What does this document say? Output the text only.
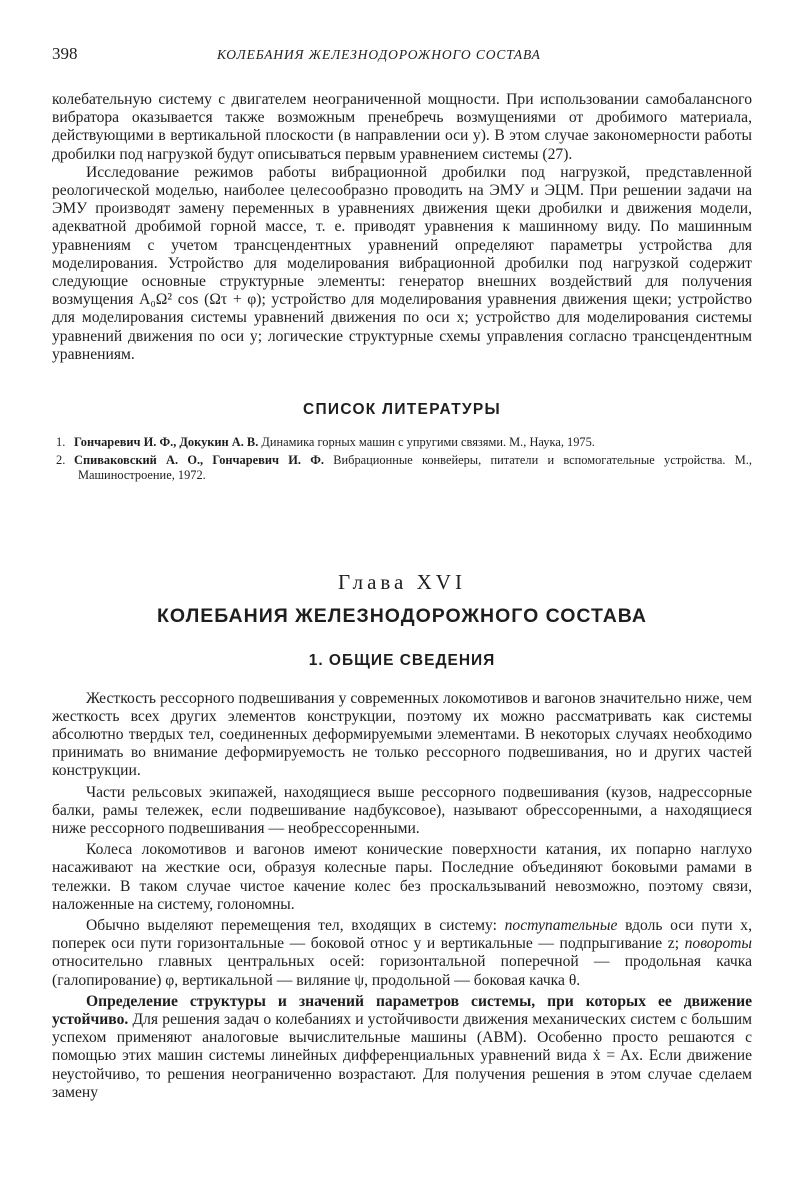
398	КОЛЕБАНИЯ ЖЕЛЕЗНОДОРОЖНОГО СОСТАВА

колебательную систему с двигателем неограниченной мощности. При использовании самобалансного вибратора оказывается также возможным пренебречь возмущениями от дробимого материала, действующими в вертикальной плоскости (в направлении оси y). В этом случае закономерности работы дробилки под нагрузкой будут описываться первым уравнением системы (27).

Исследование режимов работы вибрационной дробилки под нагрузкой, представленной реологической моделью, наиболее целесообразно проводить на ЭМУ и ЭЦМ. При решении задачи на ЭМУ производят замену переменных в уравнениях движения щеки дробилки и движения модели, адекватной дробимой горной массе, т. е. приводят уравнения к машинному виду. По машинным уравнениям с учетом трансцендентных уравнений определяют параметры устройства для моделирования. Устройство для моделирования вибрационной дробилки под нагрузкой содержит следующие основные структурные элементы: генератор внешних воздействий для получения возмущения A₀Ω² cos (Ωτ + φ); устройство для моделирования уравнения движения щеки; устройство для моделирования системы уравнений движения по оси x; устройство для моделирования системы уравнений движения по оси y; логические структурные схемы управления согласно трансцендентным уравнениям.

СПИСОК ЛИТЕРАТУРЫ

1. Гончаревич И. Ф., Докукин А. В. Динамика горных машин с упругими связями. М., Наука, 1975.

2. Спиваковский А. О., Гончаревич И. Ф. Вибрационные конвейеры, питатели и вспомогательные устройства. М., Машиностроение, 1972.

Глава XVI
КОЛЕБАНИЯ ЖЕЛЕЗНОДОРОЖНОГО СОСТАВА
1. ОБЩИЕ СВЕДЕНИЯ

Жесткость рессорного подвешивания у современных локомотивов и вагонов значительно ниже, чем жесткость всех других элементов конструкции, поэтому их можно рассматривать как системы абсолютно твердых тел, соединенных деформируемыми элементами. В некоторых случаях необходимо принимать во внимание деформируемость не только рессорного подвешивания, но и других частей конструкции.

Части рельсовых экипажей, находящиеся выше рессорного подвешивания (кузов, надрессорные балки, рамы тележек, если подвешивание надбуксовое), называют обрессоренными, а находящиеся ниже рессорного подвешивания — необрессоренными.

Колеса локомотивов и вагонов имеют конические поверхности катания, их попарно наглухо насаживают на жесткие оси, образуя колесные пары. Последние объединяют боковыми рамами в тележки. В таком случае чистое качение колес без проскальзываний невозможно, поэтому связи, наложенные на систему, голономны.

Обычно выделяют перемещения тел, входящих в систему: поступательные вдоль оси пути x, поперек оси пути горизонтальные — боковой относ y и вертикальные — подпрыгивание z; повороты относительно главных центральных осей: горизонтальной поперечной — продольная качка (галопирование) φ, вертикальной — виляние ψ, продольной — боковая качка θ.

Определение структуры и значений параметров системы, при которых ее движение устойчиво. Для решения задач о колебаниях и устойчивости движения механических систем с большим успехом применяют аналоговые вычислительные машины (АВМ). Особенно просто решаются с помощью этих машин системы линейных дифференциальных уравнений вида ẋ = Ax. Если движение неустойчиво, то решения неограниченно возрастают. Для получения решения в этом случае сделаем замену
